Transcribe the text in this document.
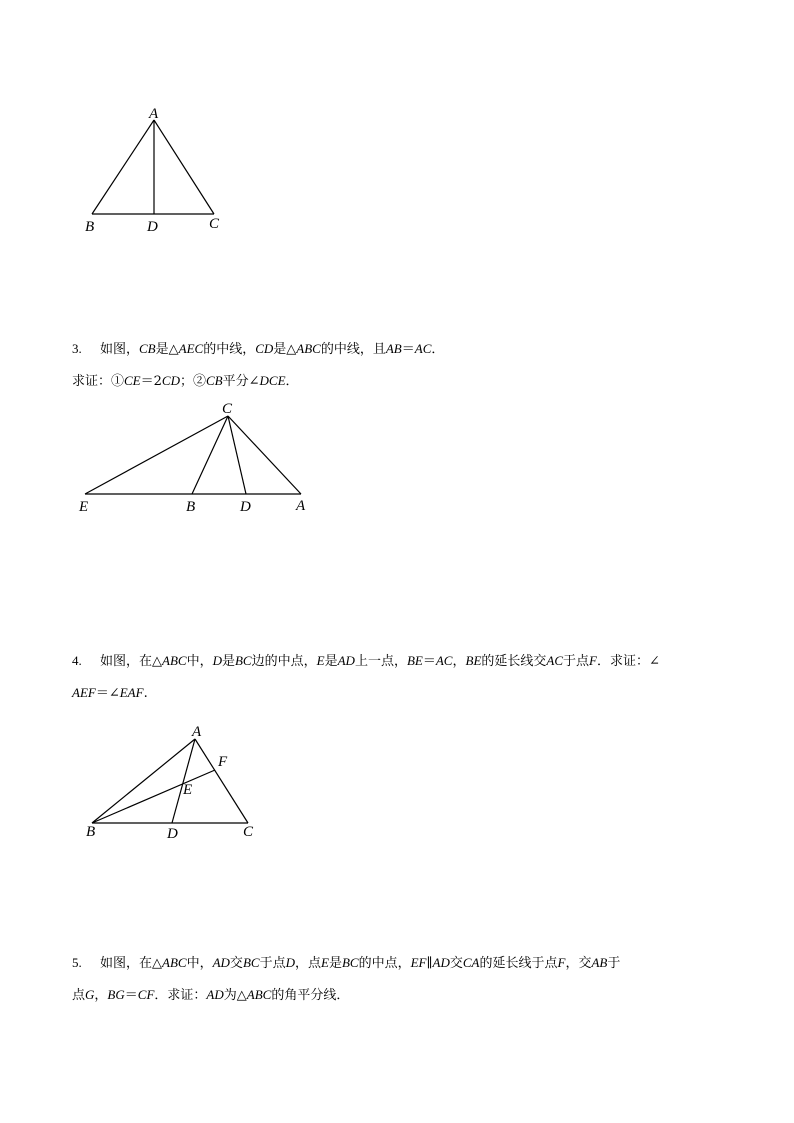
A
B	D	C
3. 如图，CB是△AEC的中线，CD是△ABC的中线，且AB＝AC．
求证：①CE＝2CD；②CB平分∠DCE．
C
E	B	D	A
4. 如图，在△ABC中，D是BC边的中点，E是AD上一点，BE＝AC，BE的延长线交AC于点F．求证：∠
AEF＝∠EAF.
A
F
E
B	D	C
5. 如图，在△ABC中，AD交BC于点D，点E是BC的中点，EF∥AD交CA的延长线于点F，交AB于
点G，BG＝CF．求证：AD为△ABC的角平分线．
